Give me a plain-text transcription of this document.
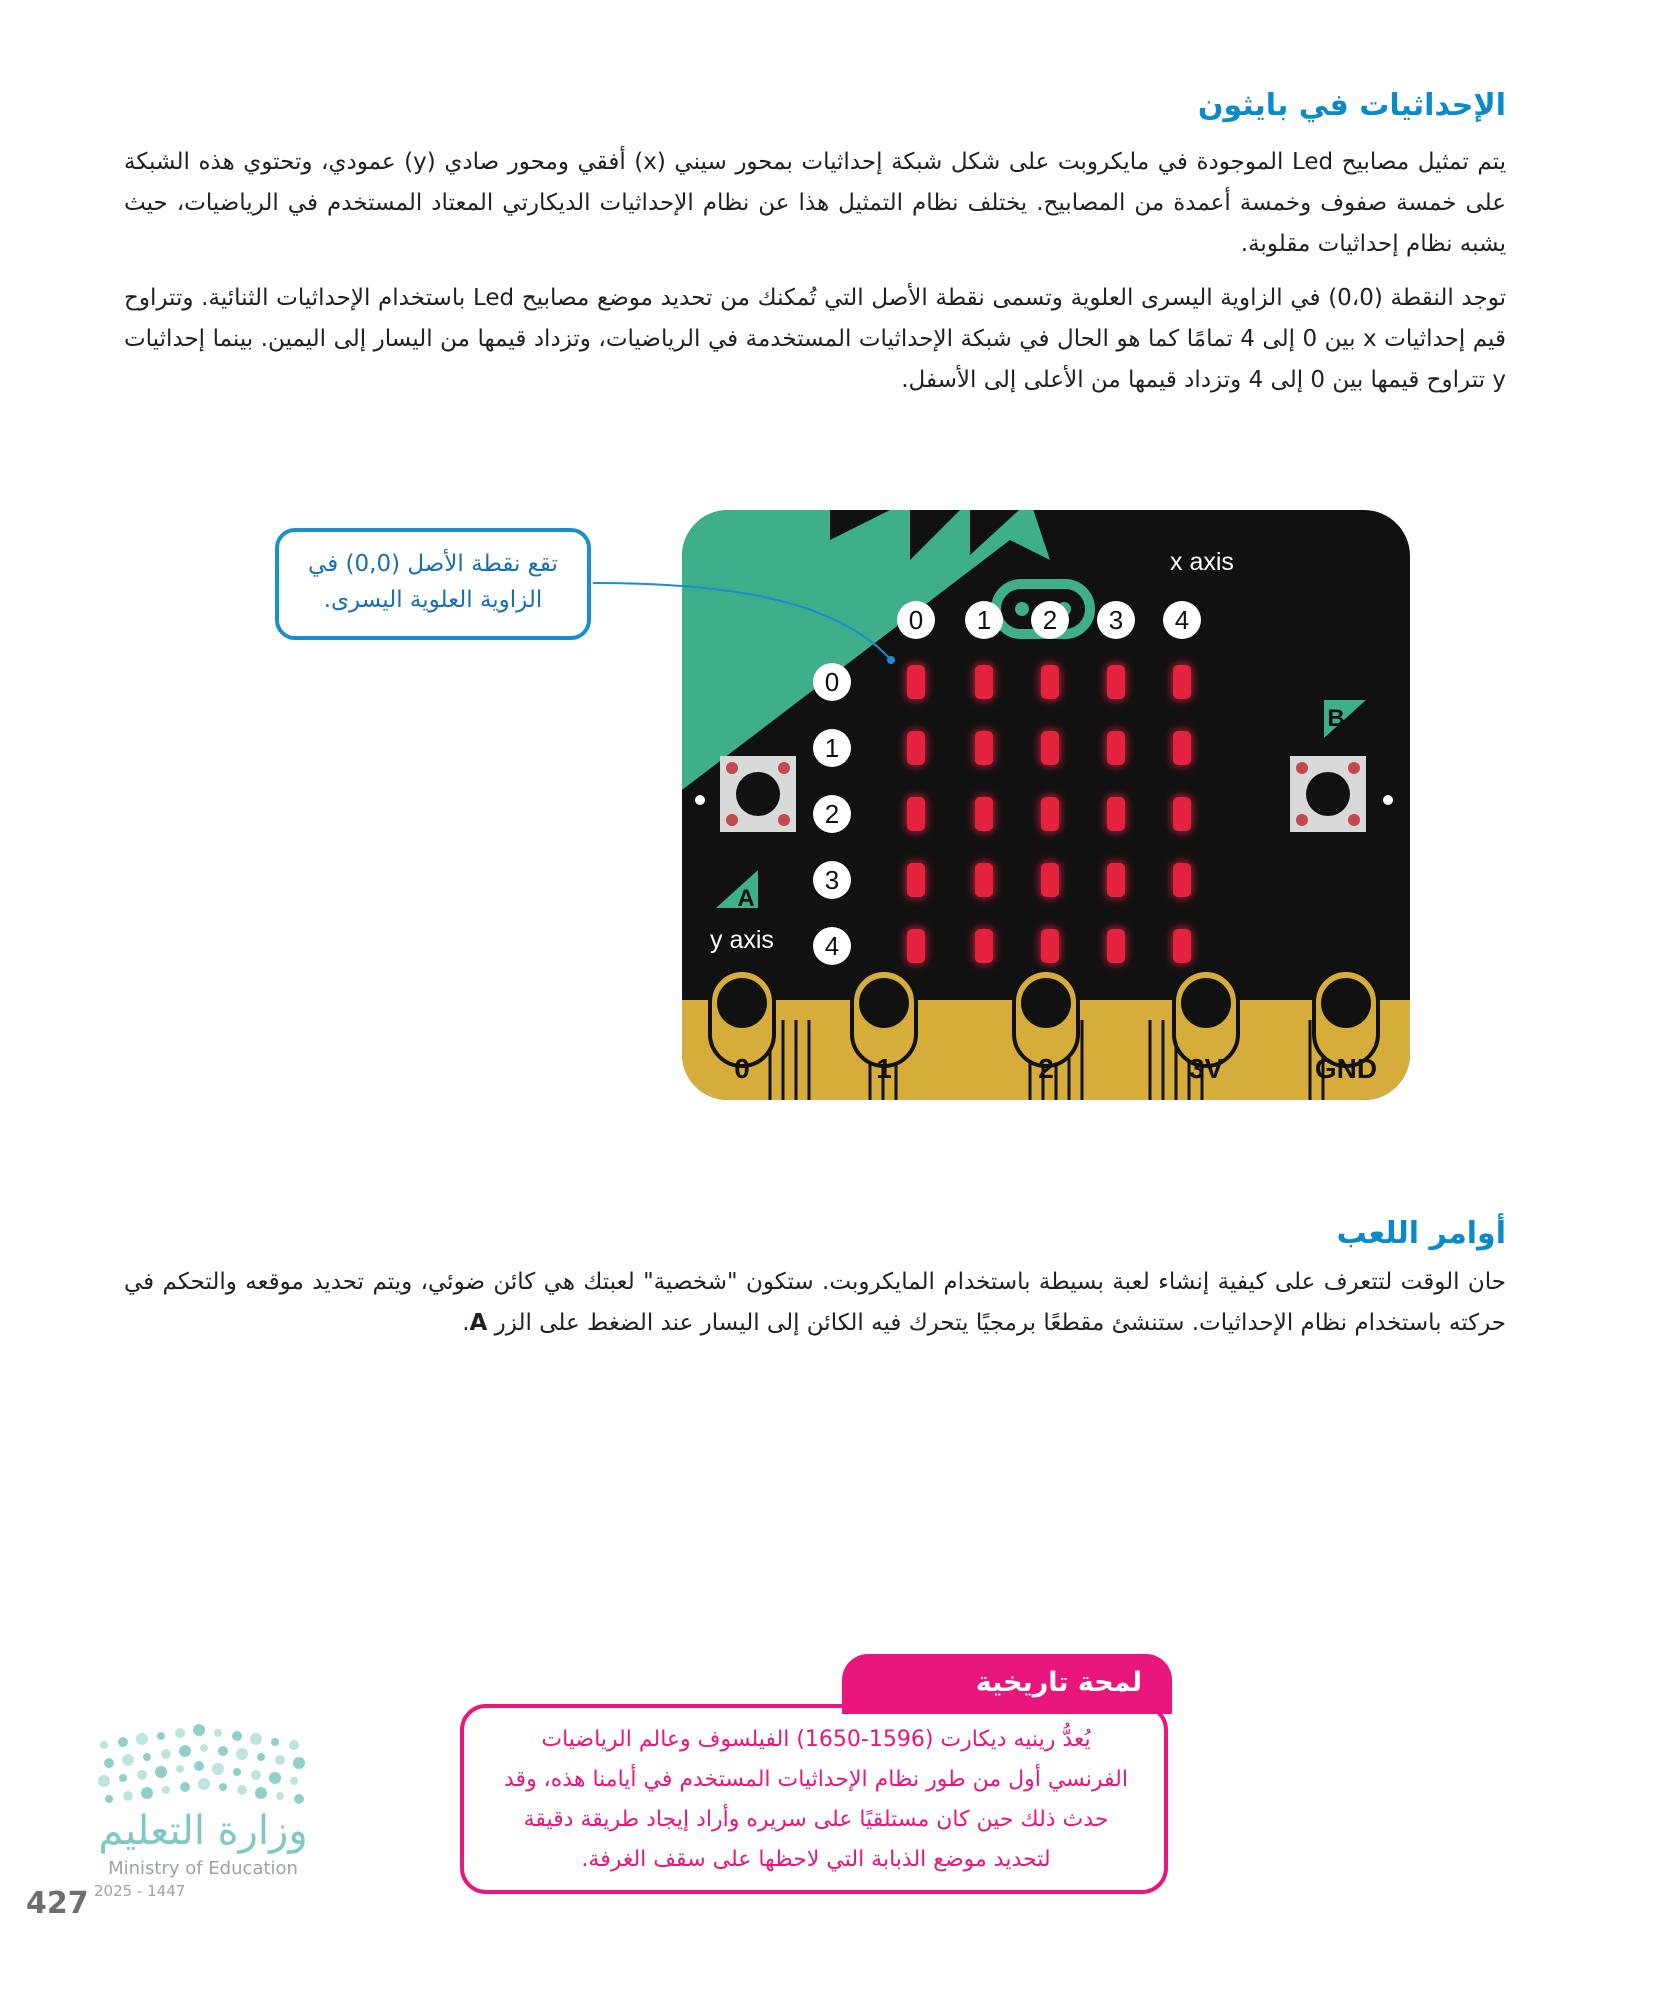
الإحداثيات في بايثون

يتم تمثيل مصابيح Led الموجودة في مايكروبت على شكل شبكة إحداثيات بمحور سيني (x) أفقي ومحور صادي (y) عمودي، وتحتوي هذه الشبكة على خمسة صفوف وخمسة أعمدة من المصابيح. يختلف نظام التمثيل هذا عن نظام الإحداثيات الديكارتي المعتاد المستخدم في الرياضيات، حيث يشبه نظام إحداثيات مقلوبة.

توجد النقطة (0،0) في الزاوية اليسرى العلوية وتسمى نقطة الأصل التي تُمكنك من تحديد موضع مصابيح Led باستخدام الإحداثيات الثنائية. وتتراوح قيم إحداثيات x بين 0 إلى 4 تمامًا كما هو الحال في شبكة الإحداثيات المستخدمة في الرياضيات، وتزداد قيمها من اليسار إلى اليمين. بينما إحداثيات y تتراوح قيمها بين 0 إلى 4 وتزداد قيمها من الأعلى إلى الأسفل.

0	1	2	3V	GND
A
B
x axis
y axis
0 1 2 3 4
0
1
2
3
4
تقع نقطة الأصل (0,0) في الزاوية العلوية اليسرى.
أوامر اللعب

حان الوقت لتتعرف على كيفية إنشاء لعبة بسيطة باستخدام المايكروبت. ستكون "شخصية" لعبتك هي كائن ضوئي، ويتم تحديد موقعه والتحكم في حركته باستخدام نظام الإحداثيات. ستنشئ مقطعًا برمجيًا يتحرك فيه الكائن إلى اليسار عند الضغط على الزر A.

يُعدُّ رينيه ديكارت (1596-1650) الفيلسوف وعالم الرياضيات الفرنسي أول من طور نظام الإحداثيات المستخدم في أيامنا هذه، وقد حدث ذلك حين كان مستلقيًا على سريره وأراد إيجاد طريقة دقيقة لتحديد موضع الذبابة التي لاحظها على سقف الغرفة.
لمحة تاريخية
وزارة التعليم
Ministry of Education
2025 - 1447
427
